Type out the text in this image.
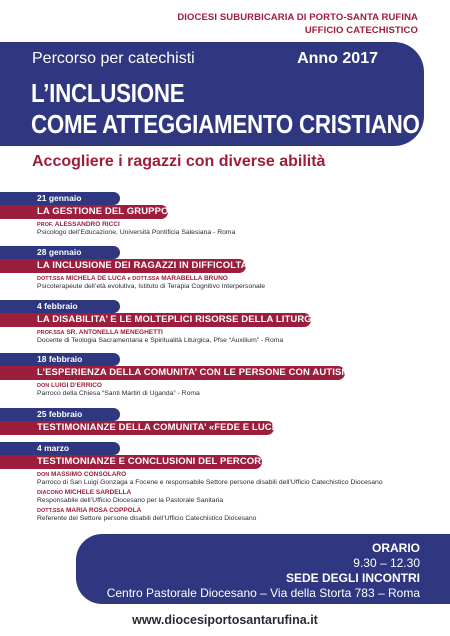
DIOCESI SUBURBICARIA DI PORTO-SANTA RUFINA
UFFICIO CATECHISTICO
Percorso per catechisti	Anno 2017
L’INCLUSIONE
COME ATTEGGIAMENTO CRISTIANO
Accogliere i ragazzi con diverse abilità
21 gennaio
LA GESTIONE DEL GRUPPO
PROF. ALESSANDRO RICCI
Psicologo dell’Educazione, Università Pontificia Salesiana - Roma
28 gennaio
LA INCLUSIONE DEI RAGAZZI IN DIFFICOLTA’
DOTT.SSA MICHELA DE LUCA e DOTT.SSA MARABELLA BRUNO
Psicoterapeute dell’età evolutiva, Istituto di Terapia Cognitivo Interpersonale
4 febbraio
LA DISABILITA’ E LE MOLTEPLICI RISORSE DELLA LITURGIA
PROF.SSA SR. ANTONELLA MENEGHETTI
Docente di Teologia Sacramentaria e Spiritualità Liturgica, Pfse “Auxilium” - Roma
18 febbraio
L’ESPERIENZA DELLA COMUNITA’ CON LE PERSONE CON AUTISMO
DON LUIGI D’ERRICO
Parroco della Chiesa “Santi Martiri di Uganda” - Roma
25 febbraio
TESTIMONIANZE DELLA COMUNITA’ «FEDE E LUCE»
4 marzo
TESTIMONIANZE E CONCLUSIONI DEL PERCORSO
DON MASSIMO CONSOLARO
Parroco di San Luigi Gonzaga a Focene e responsabile Settore persone disabili dell’Ufficio Catechistico Diocesano
DIACONO MICHELE SARDELLA
Responsabile dell’Ufficio Diocesano per la Pastorale Sanitaria
DOTT.SSA MARIA ROSA COPPOLA
Referente del Settore persone disabili dell’Ufficio Catechistico Diocesano
ORARIO
9.30 – 12.30
SEDE DEGLI INCONTRI
Centro Pastorale Diocesano – Via della Storta 783 – Roma
www.diocesiportosantarufina.it
